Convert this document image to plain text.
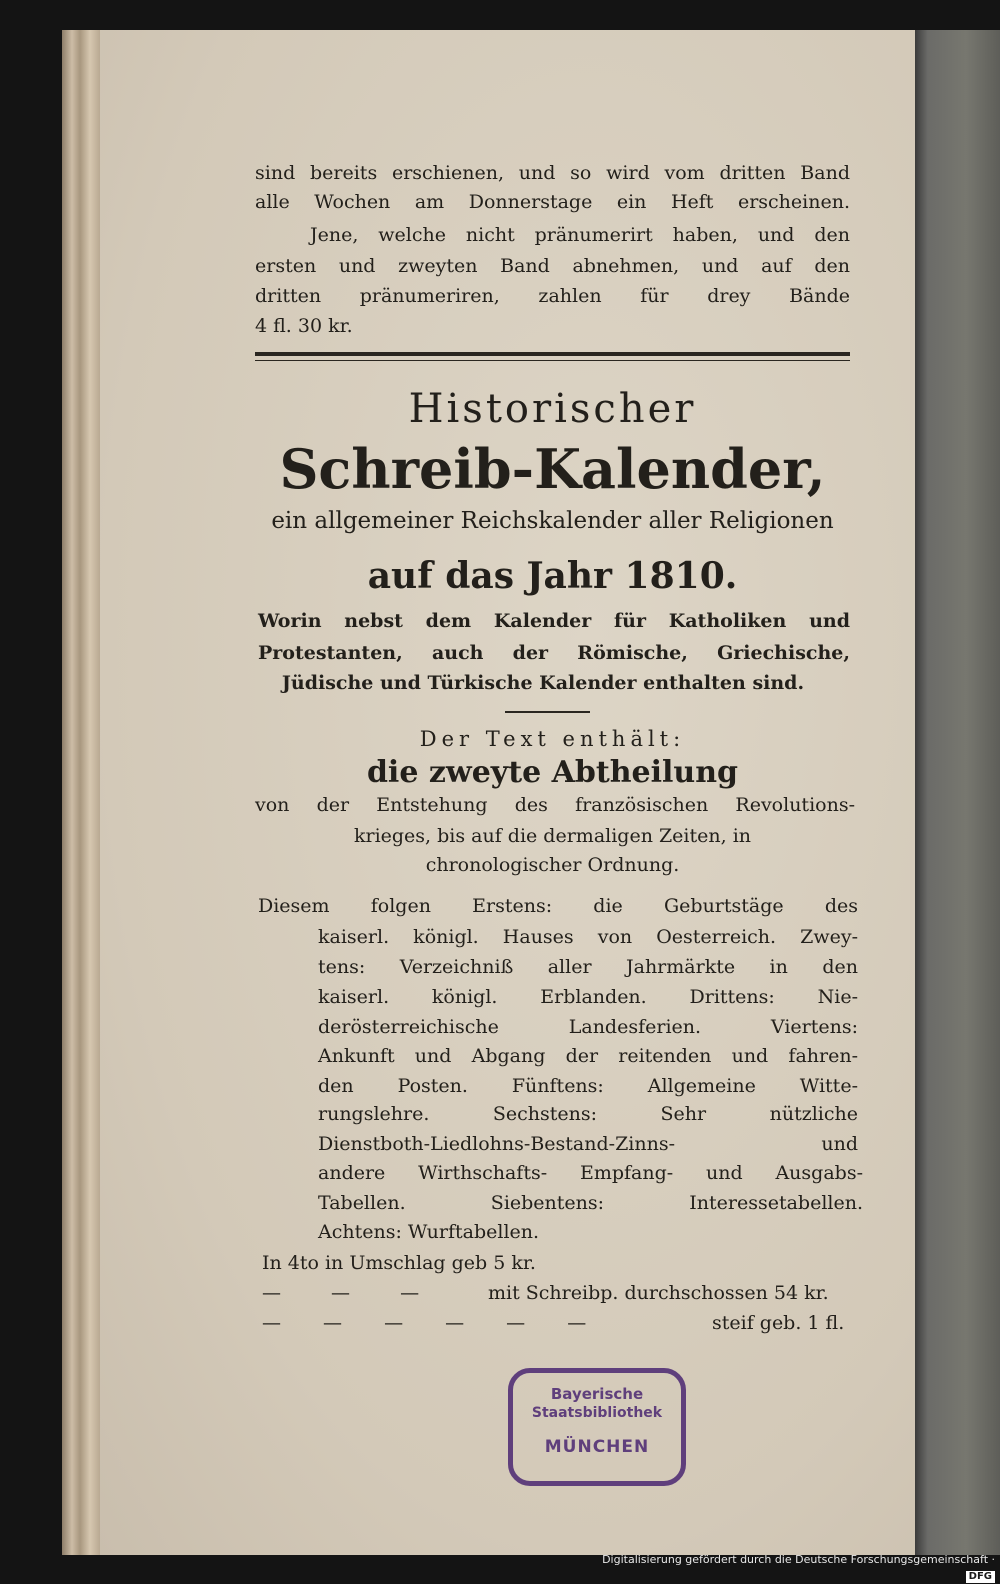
sind bereits erschienen, und so wird vom dritten Band

alle Wochen am Donnerstage ein Heft erscheinen.

Jene, welche nicht pränumerirt haben, und den

ersten und zweyten Band abnehmen, und auf den

dritten pränumeriren, zahlen für drey Bände

4 fl. 30 kr.

Historischer

Schreib-Kalender,

ein allgemeiner Reichskalender aller Religionen

auf das Jahr 1810.

Worin nebst dem Kalender für Katholiken und

Protestanten, auch der Römische, Griechische,

Jüdische und Türkische Kalender enthalten sind.

Der Text enthält:

die zweyte Abtheilung

von der Entstehung des französischen Revolutions-

krieges, bis auf die dermaligen Zeiten, in

chronologischer Ordnung.

Diesem folgen Erstens: die Geburtstäge des

kaiserl. königl. Hauses von Oesterreich. Zwey-

tens: Verzeichniß aller Jahrmärkte in den

kaiserl. königl. Erblanden. Drittens: Nie-

derösterreichische Landesferien. Viertens:

Ankunft und Abgang der reitenden und fahren-

den Posten. Fünftens: Allgemeine Witte-

rungslehre. Sechstens: Sehr nützliche

Dienstboth-Liedlohns-Bestand-Zinns- und

andere Wirthschafts- Empfang- und Ausgabs-

Tabellen. Siebentens: Interessetabellen.

Achtens: Wurftabellen.

In 4to in Umschlag geb 5 kr.

— — — mit Schreibp. durchschossen 54 kr.

— — — — — —	steif geb. 1 fl.

Bayerische
Staatsbibliothek
MÜNCHEN
Digitalisierung gefördert durch die Deutsche Forschungsgemeinschaft ·DFG
